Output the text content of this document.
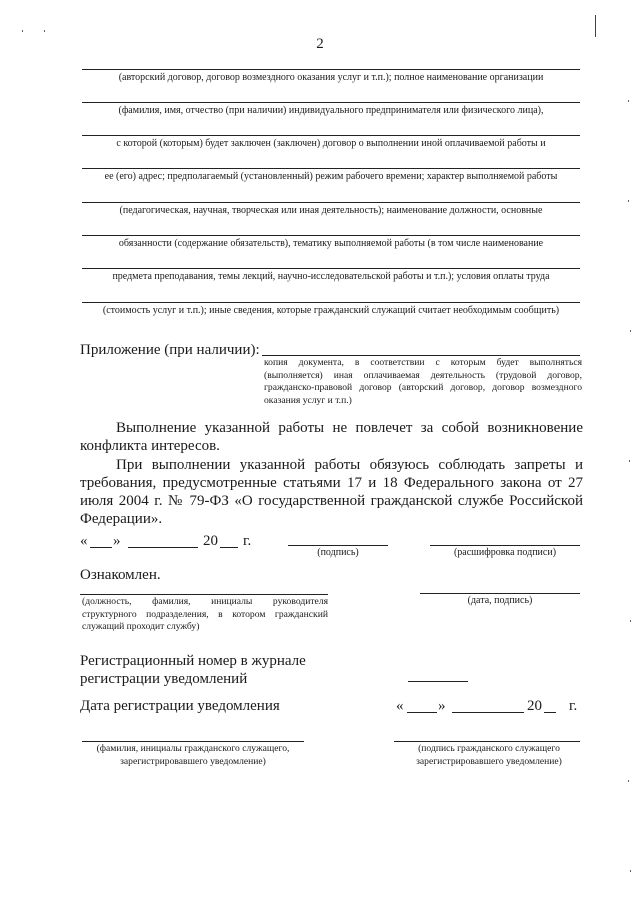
2
(авторский договор, договор возмездного оказания услуг и т.п.); полное наименование организации
(фамилия, имя, отчество (при наличии) индивидуального предпринимателя или физического лица),
с которой (которым) будет заключен (заключен) договор о выполнении иной оплачиваемой работы и
ее (его) адрес; предполагаемый (установленный) режим рабочего времени; характер выполняемой работы
(педагогическая, научная, творческая или иная деятельность); наименование должности, основные
обязанности (содержание обязательств), тематику выполняемой работы (в том числе наименование
предмета преподавания, темы лекций, научно-исследовательской работы и т.п.); условия оплаты труда
(стоимость услуг и т.п.); иные сведения, которые гражданский служащий считает необходимым сообщить)
Приложение (при наличии):
копия документа, в соответствии с которым будет выполняться (выполняется) иная оплачиваемая деятельность (трудовой договор, гражданско-правовой договор (авторский договор, договор возмездного оказания услуг и т.п.)
Выполнение указанной работы не повлечет за собой возникновение конфликта интересов.
При выполнении указанной работы обязуюсь соблюдать запреты и требования, предусмотренные статьями 17 и 18 Федерального закона от 27 июля 2004 г. № 79-ФЗ «О государственной гражданской службе Российской Федерации».
« »	20 г.
(подпись)	(расшифровка подписи)
Ознакомлен.
(должность, фамилия, инициалы руководителя структурного подразделения, в котором гражданский служащий проходит службу)
(дата, подпись)
Регистрационный номер в журнале регистрации уведомлений
Дата регистрации уведомления	« »	20 г.
(фамилия, инициалы гражданского служащего, зарегистрировавшего уведомление)
(подпись гражданского служащего зарегистрировавшего уведомление)
